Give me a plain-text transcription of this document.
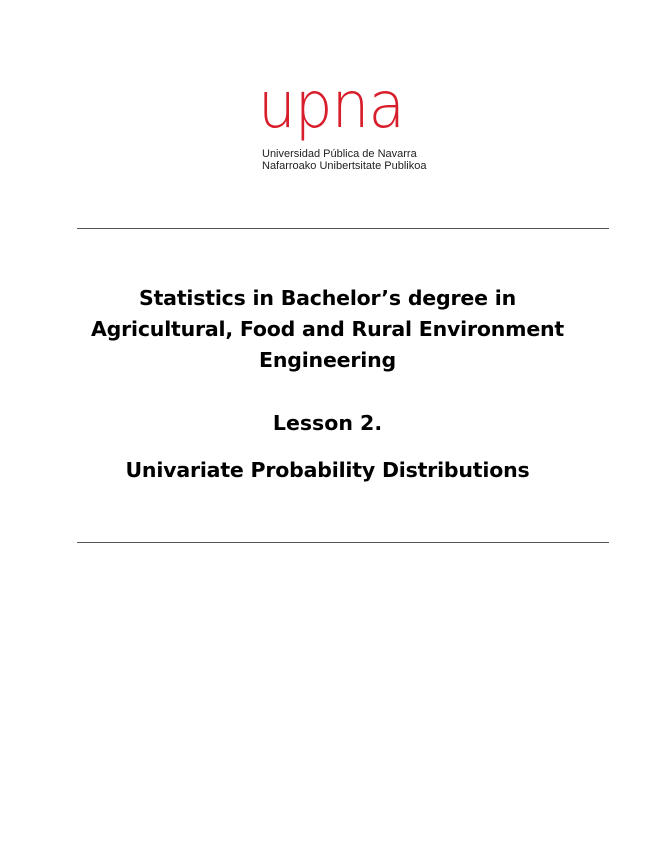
upna
Universidad Pública de Navarra
Nafarroako Unibertsitate Publikoa
Statistics in Bachelor’s degree in
Agricultural, Food and Rural Environment
Engineering
Lesson 2.
Univariate Probability Distributions
